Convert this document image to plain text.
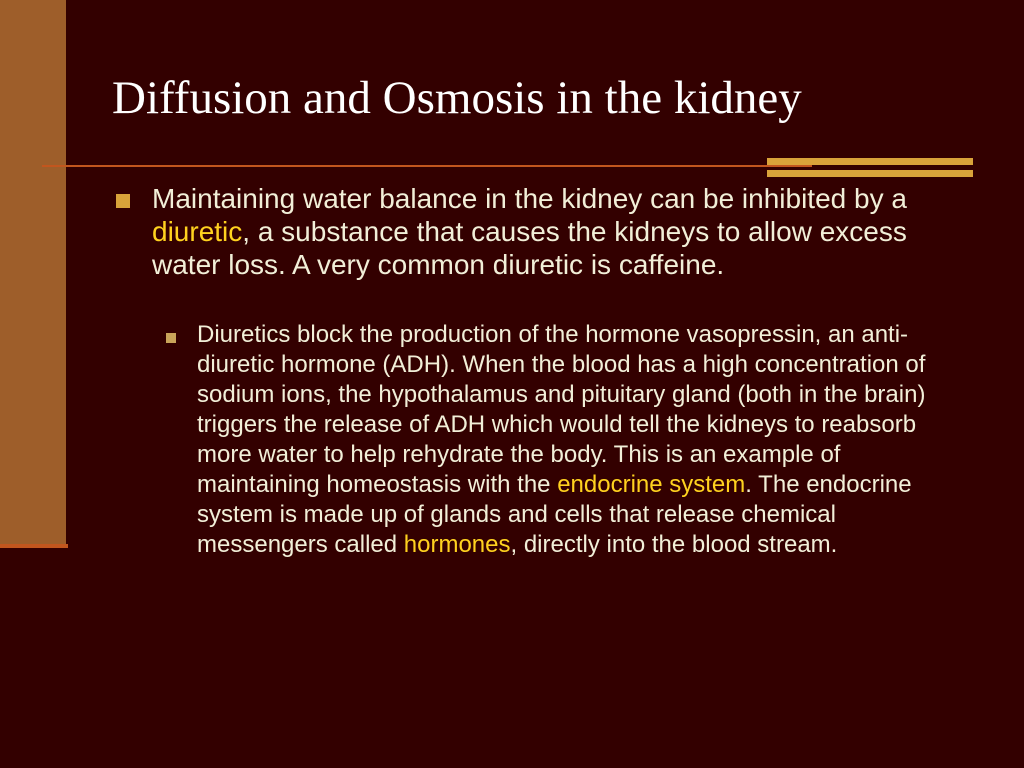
Diffusion and Osmosis in the kidney
Maintaining water balance in the kidney can be inhibited by a diuretic, a substance that causes the kidneys to allow excess water loss. A very common diuretic is caffeine.
Diuretics block the production of the hormone vasopressin, an anti-diuretic hormone (ADH). When the blood has a high concentration of sodium ions, the hypothalamus and pituitary gland (both in the brain) triggers the release of ADH which would tell the kidneys to reabsorb more water to help rehydrate the body. This is an example of maintaining homeostasis with the endocrine system. The endocrine system is made up of glands and cells that release chemical messengers called hormones, directly into the blood stream.
